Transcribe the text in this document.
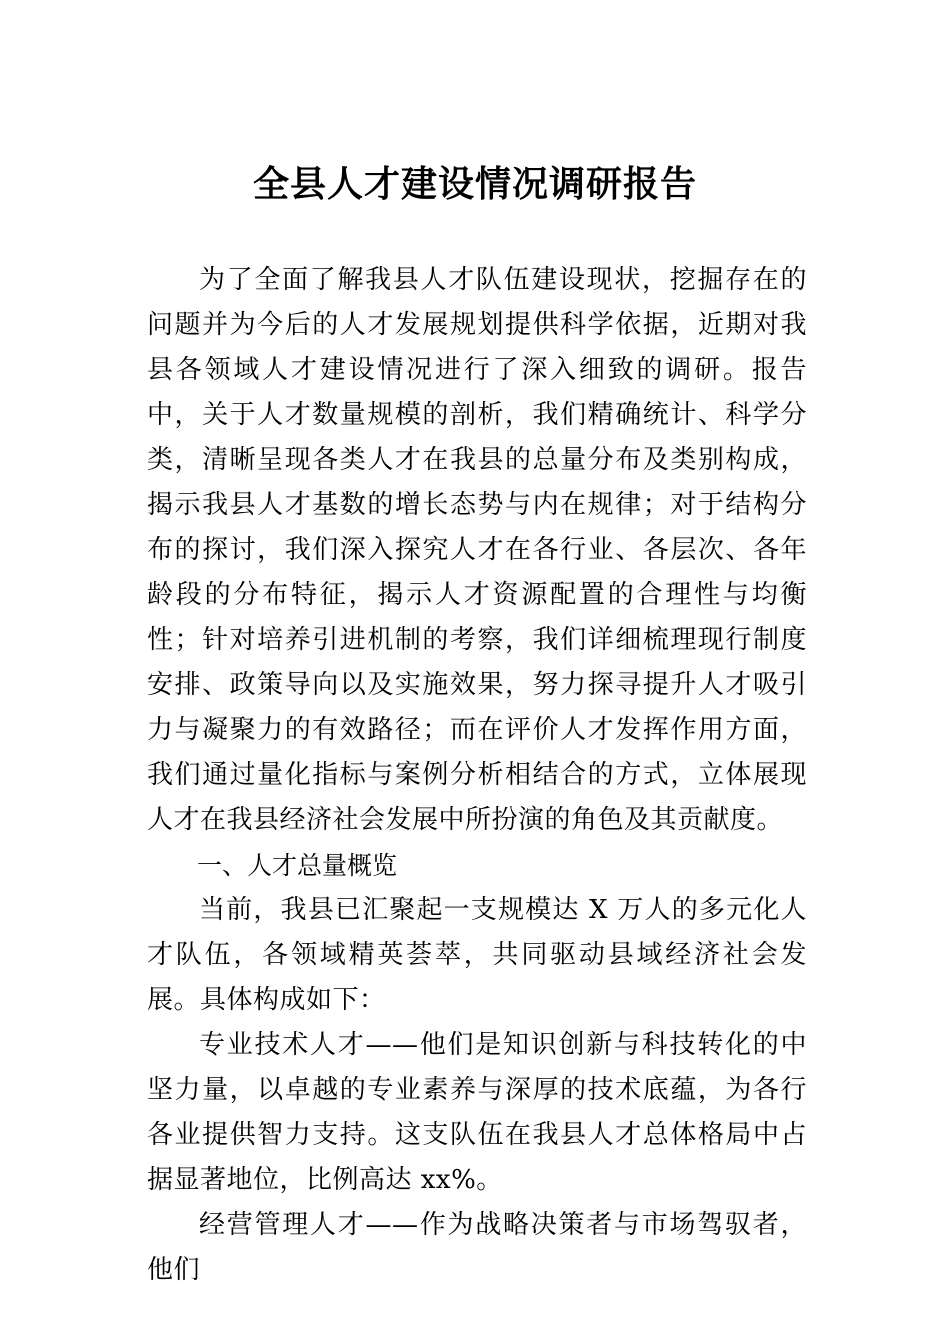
全县人才建设情况调研报告

为了全面了解我县人才队伍建设现状，挖掘存在的问题并为今后的人才发展规划提供科学依据，近期对我县各领域人才建设情况进行了深入细致的调研。报告中，关于人才数量规模的剖析，我们精确统计、科学分类，清晰呈现各类人才在我县的总量分布及类别构成，揭示我县人才基数的增长态势与内在规律；对于结构分布的探讨，我们深入探究人才在各行业、各层次、各年龄段的分布特征，揭示人才资源配置的合理性与均衡性；针对培养引进机制的考察，我们详细梳理现行制度安排、政策导向以及实施效果，努力探寻提升人才吸引力与凝聚力的有效路径；而在评价人才发挥作用方面，我们通过量化指标与案例分析相结合的方式，立体展现人才在我县经济社会发展中所扮演的角色及其贡献度。

一、人才总量概览

当前，我县已汇聚起一支规模达 X 万人的多元化人才队伍，各领域精英荟萃，共同驱动县域经济社会发展。具体构成如下：

专业技术人才——他们是知识创新与科技转化的中坚力量，以卓越的专业素养与深厚的技术底蕴，为各行各业提供智力支持。这支队伍在我县人才总体格局中占据显著地位，比例高达 xx%。

经营管理人才——作为战略决策者与市场驾驭者，他们
